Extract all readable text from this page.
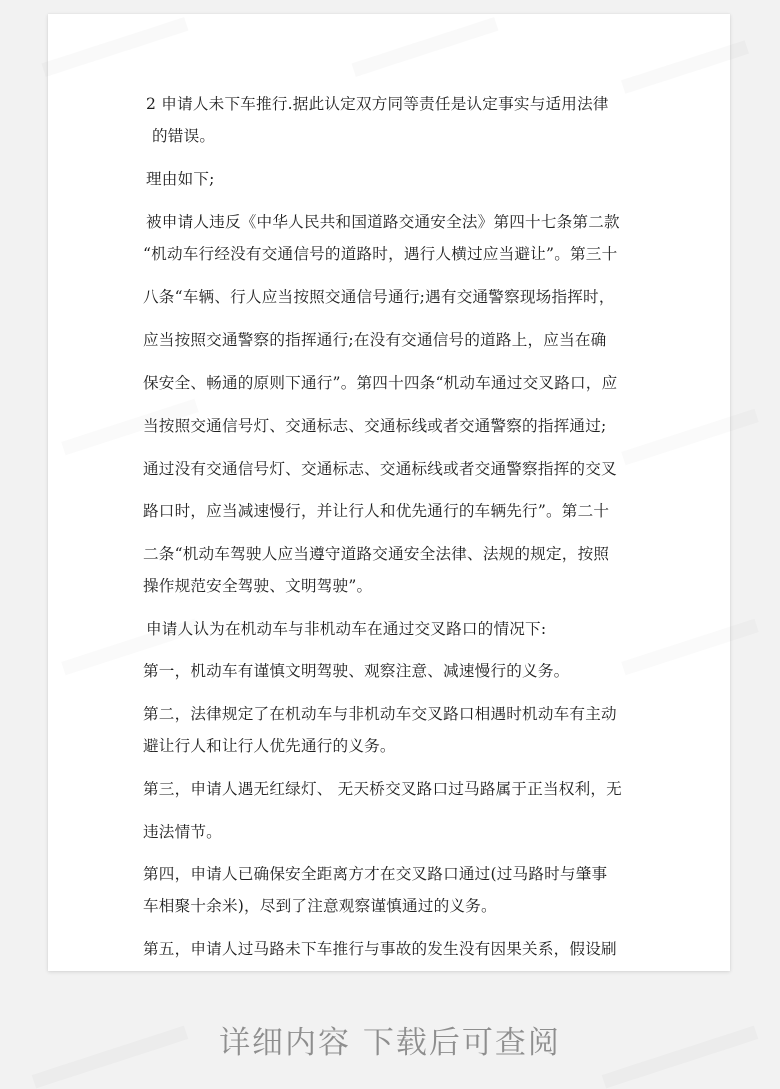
2 申请人未下车推行.据此认定双方同等责任是认定事实与适用法律
的错误。
理由如下;
被申请人违反《中华人民共和国道路交通安全法》第四十七条第二款
“机动车行经没有交通信号的道路时，遇行人横过应当避让”。第三十
八条“车辆、行人应当按照交通信号通行;遇有交通警察现场指挥时，
应当按照交通警察的指挥通行;在没有交通信号的道路上，应当在确
保安全、畅通的原则下通行”。第四十四条“机动车通过交叉路口，应
当按照交通信号灯、交通标志、交通标线或者交通警察的指挥通过;
通过没有交通信号灯、交通标志、交通标线或者交通警察指挥的交叉
路口时，应当减速慢行，并让行人和优先通行的车辆先行”。第二十
二条“机动车驾驶人应当遵守道路交通安全法律、法规的规定，按照
操作规范安全驾驶、文明驾驶”。
申请人认为在机动车与非机动车在通过交叉路口的情况下:
第一，机动车有谨慎文明驾驶、观察注意、减速慢行的义务。
第二，法律规定了在机动车与非机动车交叉路口相遇时机动车有主动
避让行人和让行人优先通行的义务。
第三，申请人遇无红绿灯、 无天桥交叉路口过马路属于正当权利，无
违法情节。
第四，申请人已确保安全距离方才在交叉路口通过(过马路时与肇事
车相聚十余米)，尽到了注意观察谨慎通过的义务。
第五，申请人过马路未下车推行与事故的发生没有因果关系，假设刷
详细内容 下载后可查阅
